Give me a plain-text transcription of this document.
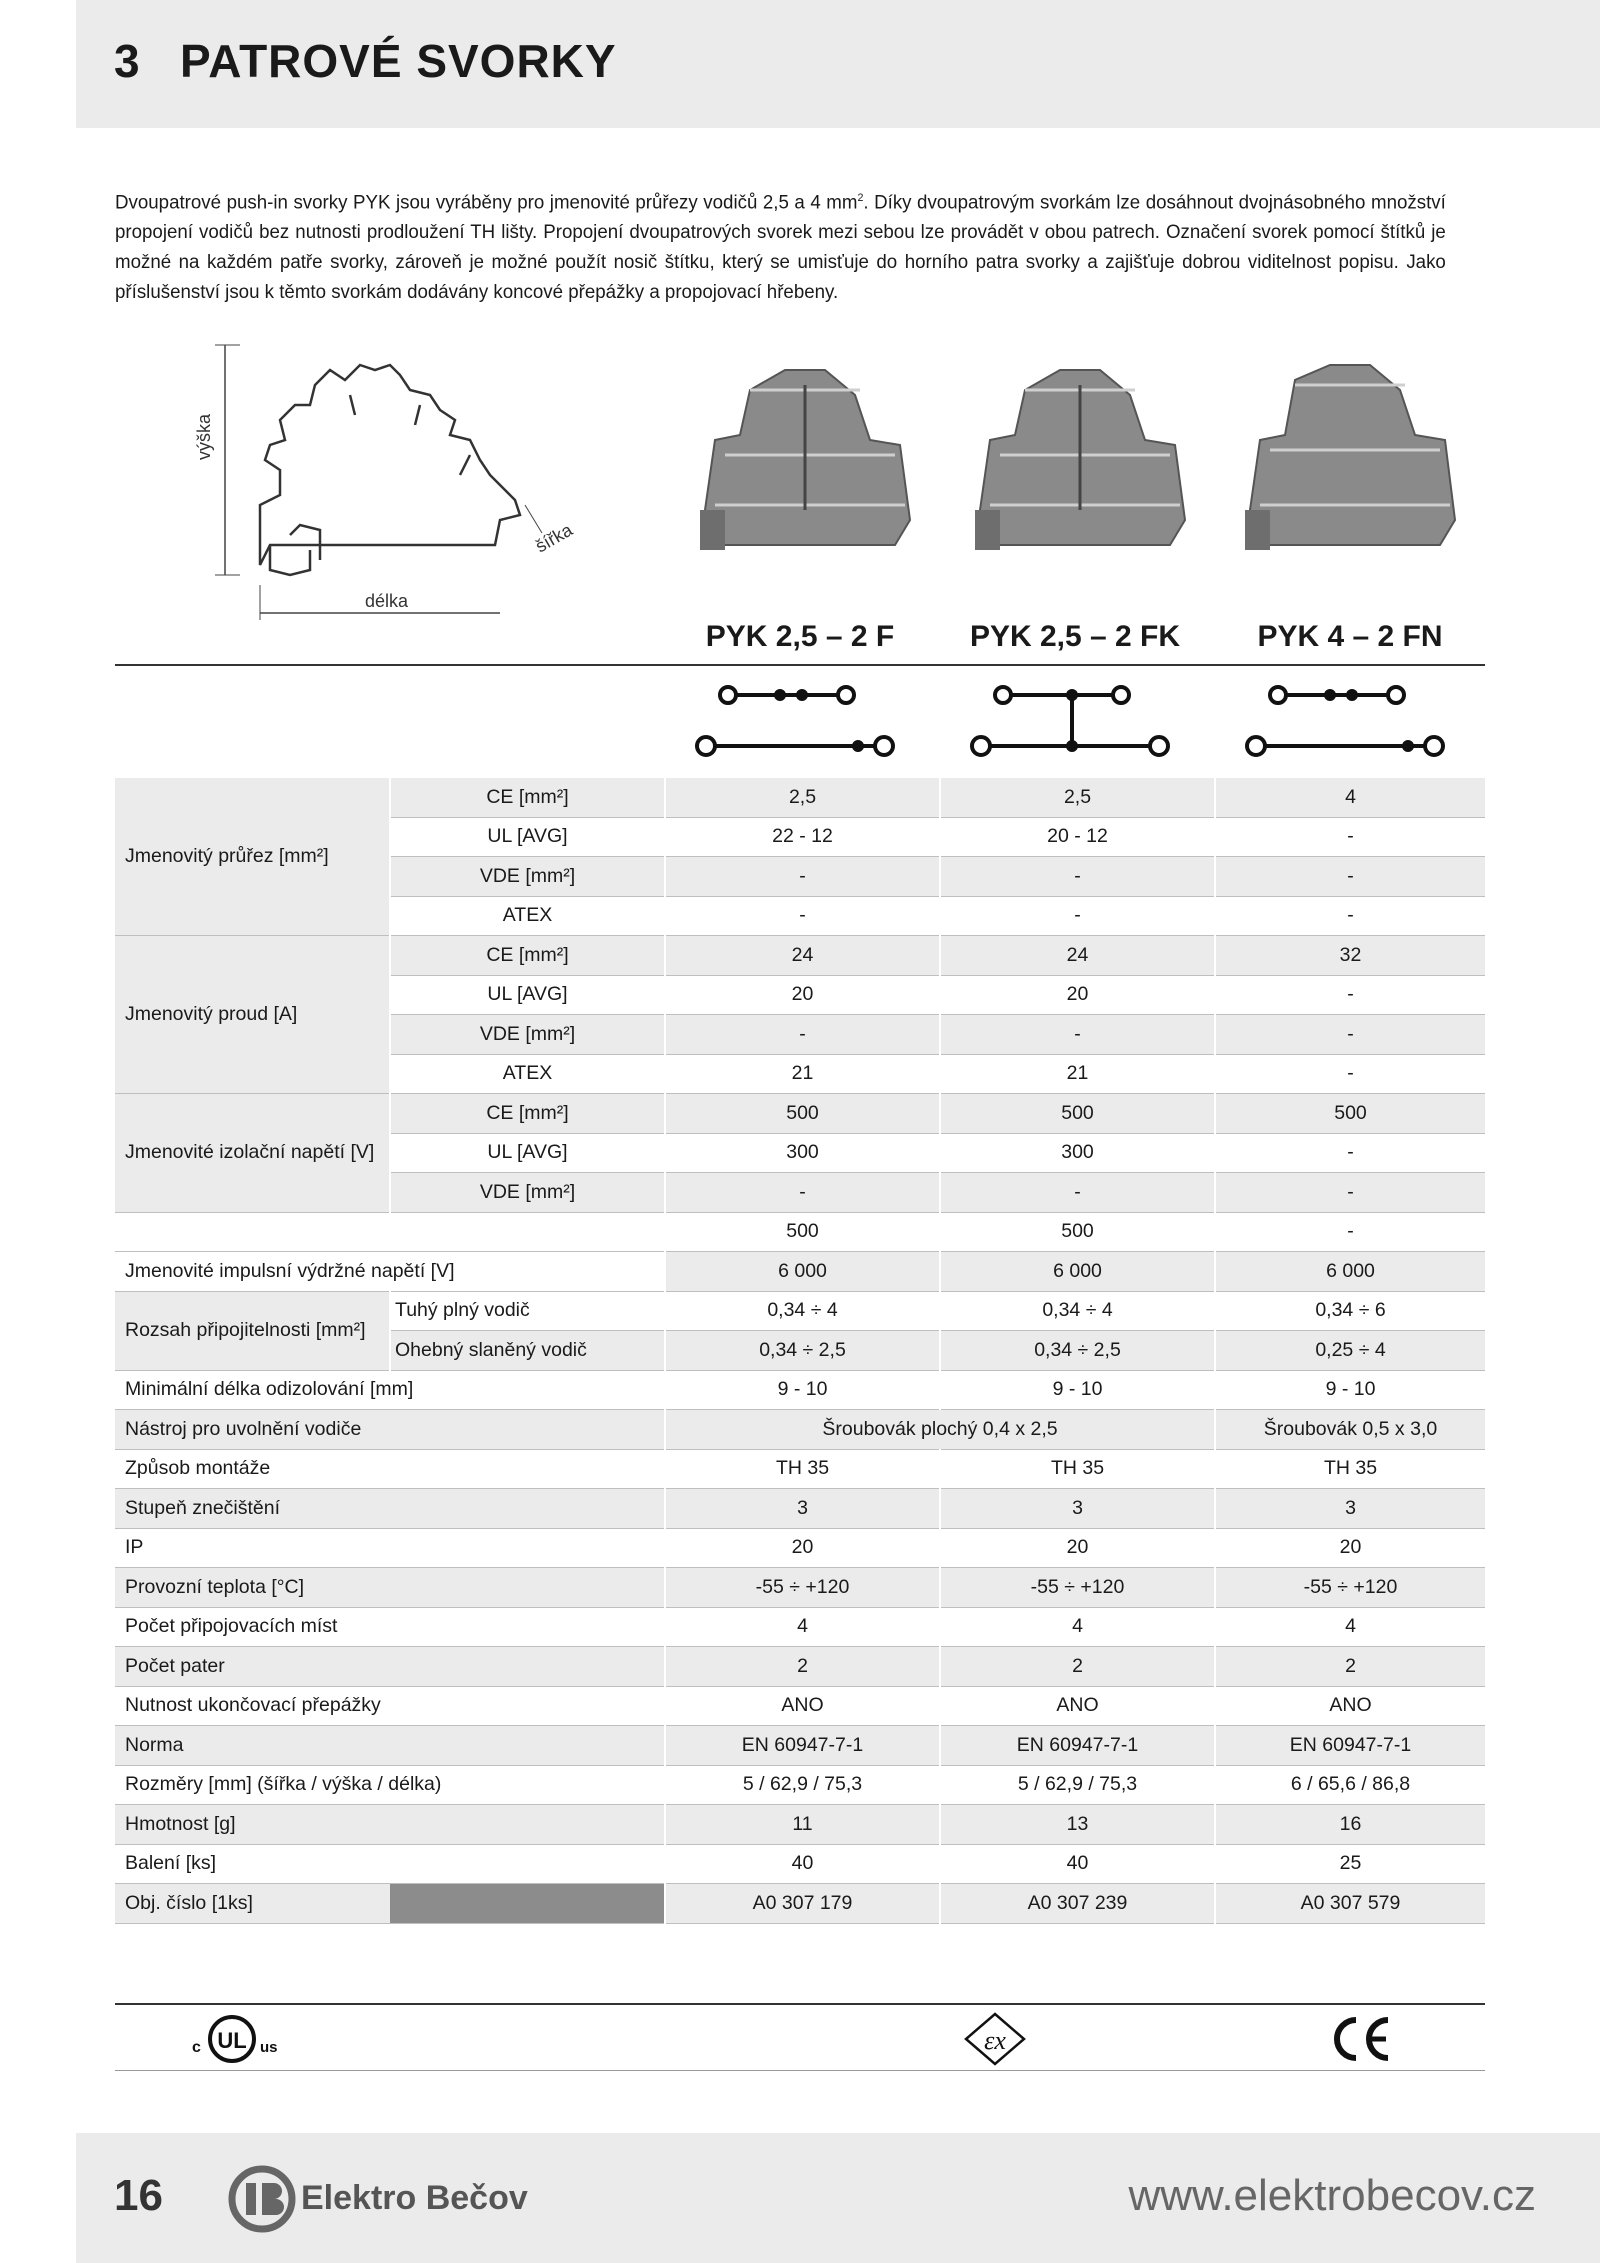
3 PATROVÉ SVORKY
Dvoupatrové push-in svorky PYK jsou vyráběny pro jmenovité průřezy vodičů 2,5 a 4 $mm^2$. Díky dvoupatrovým svorkám lze dosáhnout dvojnásobného množství propojení vodičů bez nutnosti prodloužení TH lišty. Propojení dvoupatrových svorek mezi sebou lze provádět v obou patrech. Označení svorek pomocí štítků je možné na každém patře svorky, zároveň je možné použít nosič štítku, který se umisťuje do horního patra svorky a zajišťuje dobrou viditelnost popisu. Jako příslušenství jsou k těmto svorkám dodávány koncové přepážky a propojovací hřebeny.
výška
délka
šířka
PYK 2,5 – 2 F	PYK 2,5 – 2 FK	PYK 4 – 2 FN
Jmenovitý průřez [mm²]	CE [mm²]	2,5	2,5	4
	UL [AVG]	22 - 12	20 - 12	-
	VDE [mm²]	-	-	-
	ATEX	-	-	-
Jmenovitý proud [A]	CE [mm²]	24	24	32
	UL [AVG]	20	20	-
	VDE [mm²]	-	-	-
	ATEX	21	21	-
Jmenovité izolační napětí [V]	CE [mm²]	500	500	500
	UL [AVG]	300	300	-
	VDE [mm²]	-	-	-
		500	500	-
Jmenovité impulsní výdržné napětí [V]		6 000	6 000	6 000
Rozsah připojitelnosti [mm²]	Tuhý plný vodič	0,34 ÷ 4	0,34 ÷ 4	0,34 ÷ 6
	Ohebný slaněný vodič	0,34 ÷ 2,5	0,34 ÷ 2,5	0,25 ÷ 4
Minimální délka odizolování [mm]		9 - 10	9 - 10	9 - 10
Nástroj pro uvolnění vodiče		Šroubovák plochý 0,4 x 2,5		Šroubovák 0,5 x 3,0
Způsob montáže		TH 35	TH 35	TH 35
Stupeň znečištění		3	3	3
IP		20	20	20
Provozní teplota [°C]		-55 ÷ +120	-55 ÷ +120	-55 ÷ +120
Počet připojovacích míst		4	4	4
Počet pater		2	2	2
Nutnost ukončovací přepážky		ANO	ANO	ANO
Norma		EN 60947-7-1	EN 60947-7-1	EN 60947-7-1
Rozměry [mm] (šířka / výška / délka)		5 / 62,9 / 75,3	5 / 62,9 / 75,3	6 / 65,6 / 86,8
Hmotnost [g]		11	13	16
Balení [ks]		40	40	25
Obj. číslo [1ks]		A0 307 179	A0 307 239	A0 307 579
UL
c	us	εx
16	Elektro Bečov	www.elektrobecov.cz
